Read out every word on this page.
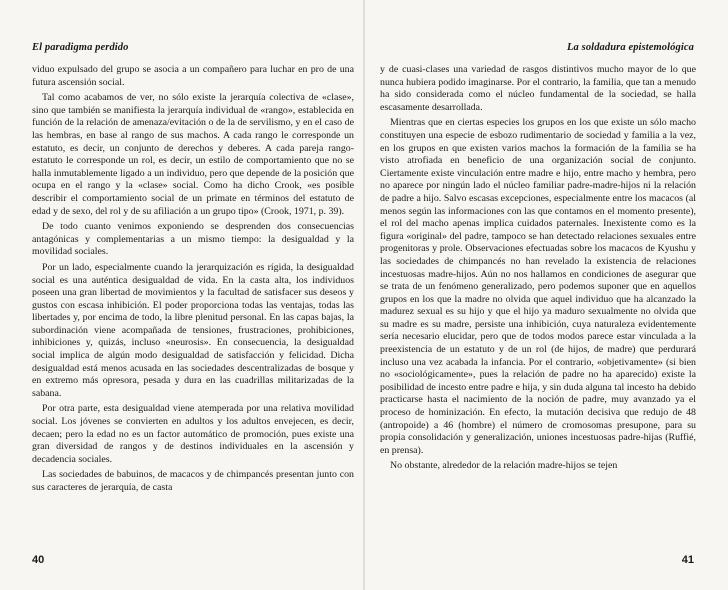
El paradigma perdido

viduo expulsado del grupo se asocia a un compañero para luchar en pro de una futura ascensión social.

Tal como acabamos de ver, no sólo existe la jerarquía colectiva de «clase», sino que también se manifiesta la jerarquía individual de «rango», establecida en función de la relación de amenaza/evitación o de la de servilismo, y en el caso de las hembras, en base al rango de sus machos. A cada rango le corresponde un estatuto, es decir, un conjunto de derechos y deberes. A cada pareja rango-estatuto le corresponde un rol, es decir, un estilo de comportamiento que no se halla inmutablemente ligado a un individuo, pero que depende de la posición que ocupa en el rango y la «clase» social. Como ha dicho Crook, «es posible describir el comportamiento social de un primate en términos del estatuto de edad y de sexo, del rol y de su afiliación a un grupo tipo» (Crook, 1971, p. 39).

De todo cuanto venimos exponiendo se desprenden dos consecuencias antagónicas y complementarias a un mismo tiempo: la desigualdad y la movilidad sociales.

Por un lado, especialmente cuando la jerarquización es rígida, la desigualdad social es una auténtica desigualdad de vida. En la casta alta, los individuos poseen una gran libertad de movimientos y la facultad de satisfacer sus deseos y gustos con escasa inhibición. El poder proporciona todas las ventajas, todas las libertades y, por encima de todo, la libre plenitud personal. En las capas bajas, la subordinación viene acompañada de tensiones, frustraciones, prohibiciones, inhibiciones y, quizás, incluso «neurosis». En consecuencia, la desigualdad social implica de algún modo desigualdad de satisfacción y felicidad. Dicha desigualdad está menos acusada en las sociedades descentralizadas de bosque y en extremo más opresora, pesada y dura en las cuadrillas militarizadas de la sabana.

Por otra parte, esta desigualdad viene atemperada por una relativa movilidad social. Los jóvenes se convierten en adultos y los adultos envejecen, es decir, decaen; pero la edad no es un factor automático de promoción, pues existe una gran diversidad de rangos y de destinos individuales en la ascensión y decadencia sociales.

Las sociedades de babuinos, de macacos y de chimpancés presentan junto con sus caracteres de jerarquía, de casta

40
La soldadura epistemológica

y de cuasi-clases una variedad de rasgos distintivos mucho mayor de lo que nunca hubiera podido imaginarse. Por el contrario, la familia, que tan a menudo ha sido considerada como el núcleo fundamental de la sociedad, se halla escasamente desarrollada.

Mientras que en ciertas especies los grupos en los que existe un sólo macho constituyen una especie de esbozo rudimentario de sociedad y familia a la vez, en los grupos en que existen varios machos la formación de la familia se ha visto atrofiada en beneficio de una organización social de conjunto. Ciertamente existe vinculación entre madre e hijo, entre macho y hembra, pero no aparece por ningún lado el núcleo familiar padre-madre-hijos ni la relación de padre a hijo. Salvo escasas excepciones, especialmente entre los macacos (al menos según las informaciones con las que contamos en el momento presente), el rol del macho apenas implica cuidados paternales. Inexistente como es la figura «original» del padre, tampoco se han detectado relaciones sexuales entre progenitoras y prole. Observaciones efectuadas sobre los macacos de Kyushu y las sociedades de chimpancés no han revelado la existencia de relaciones incestuosas madre-hijos. Aún no nos hallamos en condiciones de asegurar que se trata de un fenómeno generalizado, pero podemos suponer que en aquellos grupos en los que la madre no olvida que aquel individuo que ha alcanzado la madurez sexual es su hijo y que el hijo ya maduro sexualmente no olvida que su madre es su madre, persiste una inhibición, cuya naturaleza evidentemente sería necesario elucidar, pero que de todos modos parece estar vinculada a la preexistencia de un estatuto y de un rol (de hijos, de madre) que perdurará incluso una vez acabada la infancia. Por el contrario, «objetivamente» (si bien no «sociológicamente», pues la relación de padre no ha aparecido) existe la posibilidad de incesto entre padre e hija, y sin duda alguna tal incesto ha debido practicarse hasta el nacimiento de la noción de padre, muy avanzado ya el proceso de hominización. En efecto, la mutación decisiva que redujo de 48 (antropoide) a 46 (hombre) el número de cromosomas presupone, para su propia consolidación y generalización, uniones incestuosas padre-hijas (Ruffié, en prensa).

No obstante, alrededor de la relación madre-hijos se tejen

41
